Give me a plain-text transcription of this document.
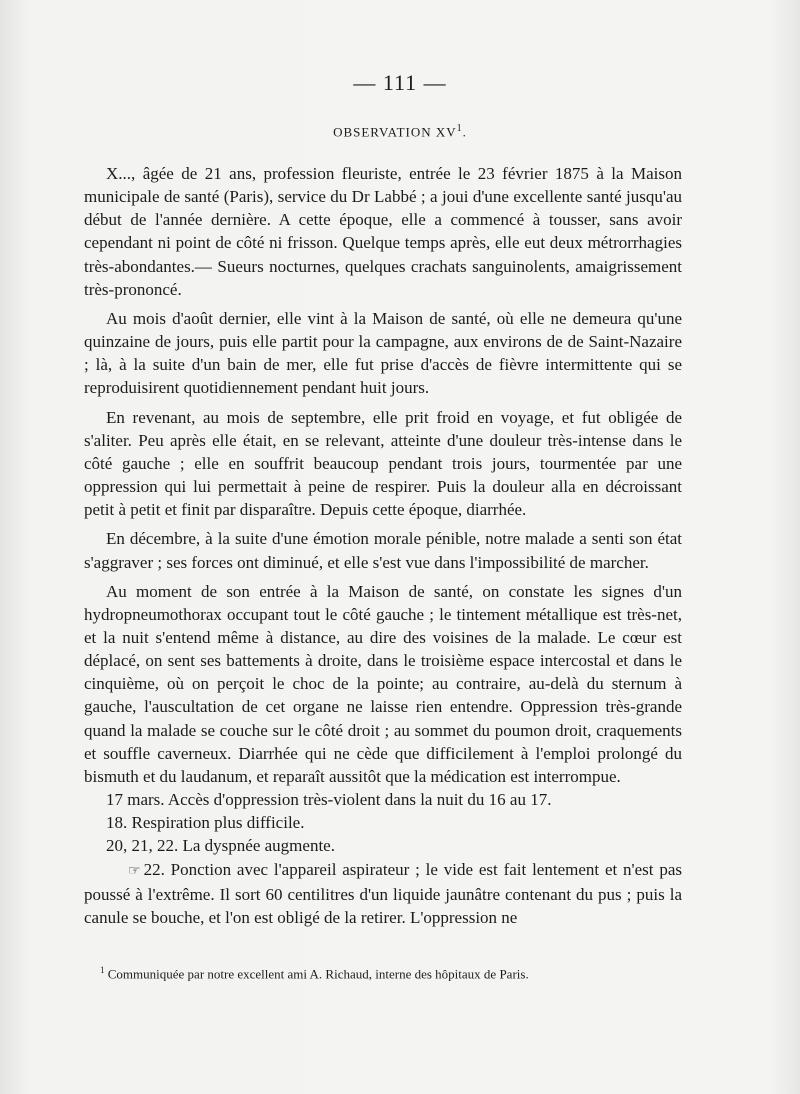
— 111 —
OBSERVATION $XV^1$.

X..., âgée de 21 ans, profession fleuriste, entrée le 23 février 1875 à la Maison municipale de santé (Paris), service du Dr Labbé ; a joui d'une excellente santé jusqu'au début de l'année dernière. A cette époque, elle a commencé à tousser, sans avoir cependant ni point de côté ni frisson. Quelque temps après, elle eut deux métrorrhagies très-abondantes.— Sueurs nocturnes, quelques crachats sanguinolents, amaigrissement très-prononcé.

Au mois d'août dernier, elle vint à la Maison de santé, où elle ne demeura qu'une quinzaine de jours, puis elle partit pour la campagne, aux environs de de Saint-Nazaire ; là, à la suite d'un bain de mer, elle fut prise d'accès de fièvre intermittente qui se reproduisirent quotidiennement pendant huit jours.

En revenant, au mois de septembre, elle prit froid en voyage, et fut obligée de s'aliter. Peu après elle était, en se relevant, atteinte d'une douleur très-intense dans le côté gauche ; elle en souffrit beaucoup pendant trois jours, tourmentée par une oppression qui lui permettait à peine de respirer. Puis la douleur alla en décroissant petit à petit et finit par disparaître. Depuis cette époque, diarrhée.

En décembre, à la suite d'une émotion morale pénible, notre malade a senti son état s'aggraver ; ses forces ont diminué, et elle s'est vue dans l'impossibilité de marcher.

Au moment de son entrée à la Maison de santé, on constate les signes d'un hydropneumothorax occupant tout le côté gauche ; le tintement métallique est très-net, et la nuit s'entend même à distance, au dire des voisines de la malade. Le cœur est déplacé, on sent ses battements à droite, dans le troisième espace intercostal et dans le cinquième, où on perçoit le choc de la pointe; au contraire, au-delà du sternum à gauche, l'auscultation de cet organe ne laisse rien entendre. Oppression très-grande quand la malade se couche sur le côté droit ; au sommet du poumon droit, craquements et souffle caverneux. Diarrhée qui ne cède que difficilement à l'emploi prolongé du bismuth et du laudanum, et reparaît aussitôt que la médication est interrompue.

17 mars. Accès d'oppression très-violent dans la nuit du 16 au 17.

18. Respiration plus difficile.

20, 21, 22. La dyspnée augmente.

☞ 22. Ponction avec l'appareil aspirateur ; le vide est fait lentement et n'est pas poussé à l'extrême. Il sort 60 centilitres d'un liquide jaunâtre contenant du pus ; puis la canule se bouche, et l'on est obligé de la retirer. L'oppression ne

$^1$ Communiquée par notre excellent ami A. Richaud, interne des hôpitaux de Paris.
